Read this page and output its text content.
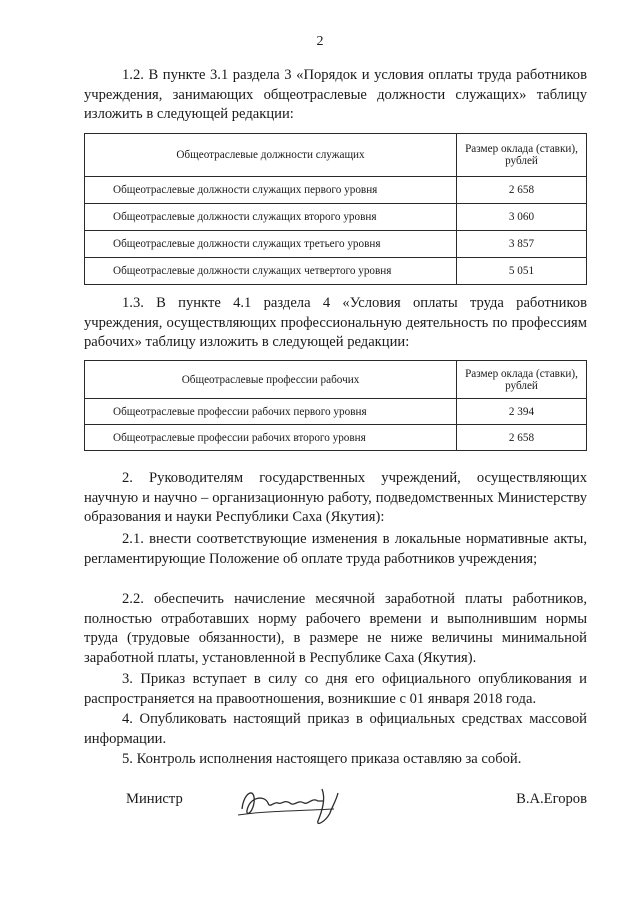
2

1.2. В пункте 3.1 раздела 3 «Порядок и условия оплаты труда работников учреждения, занимающих общеотраслевые должности служащих» таблицу изложить в следующей редакции:

Общеотраслевые должности служащих	Размер оклада (ставки), рублей
Общеотраслевые должности служащих первого уровня	2 658
Общеотраслевые должности служащих второго уровня	3 060
Общеотраслевые должности служащих третьего уровня	3 857
Общеотраслевые должности служащих четвертого уровня	5 051

1.3. В пункте 4.1 раздела 4 «Условия оплаты труда работников учреждения, осуществляющих профессиональную деятельность по профессиям рабочих» таблицу изложить в следующей редакции:

Общеотраслевые профессии рабочих	Размер оклада (ставки), рублей
Общеотраслевые профессии рабочих первого уровня	2 394
Общеотраслевые профессии рабочих второго уровня	2 658

2. Руководителям государственных учреждений, осуществляющих научную и научно – организационную работу, подведомственных Министерству образования и науки Республики Саха (Якутия):

2.1. внести соответствующие изменения в локальные нормативные акты, регламентирующие Положение об оплате труда работников учреждения;

2.2. обеспечить начисление месячной заработной платы работников, полностью отработавших норму рабочего времени и выполнившим нормы труда (трудовые обязанности), в размере не ниже величины минимальной заработной платы, установленной в Республике Саха (Якутия).

3. Приказ вступает в силу со дня его официального опубликования и распространяется на правоотношения, возникшие с 01 января 2018 года.

4. Опубликовать настоящий приказ в официальных средствах массовой информации.

5. Контроль исполнения настоящего приказа оставляю за собой.

Министр	В.А.Егоров
